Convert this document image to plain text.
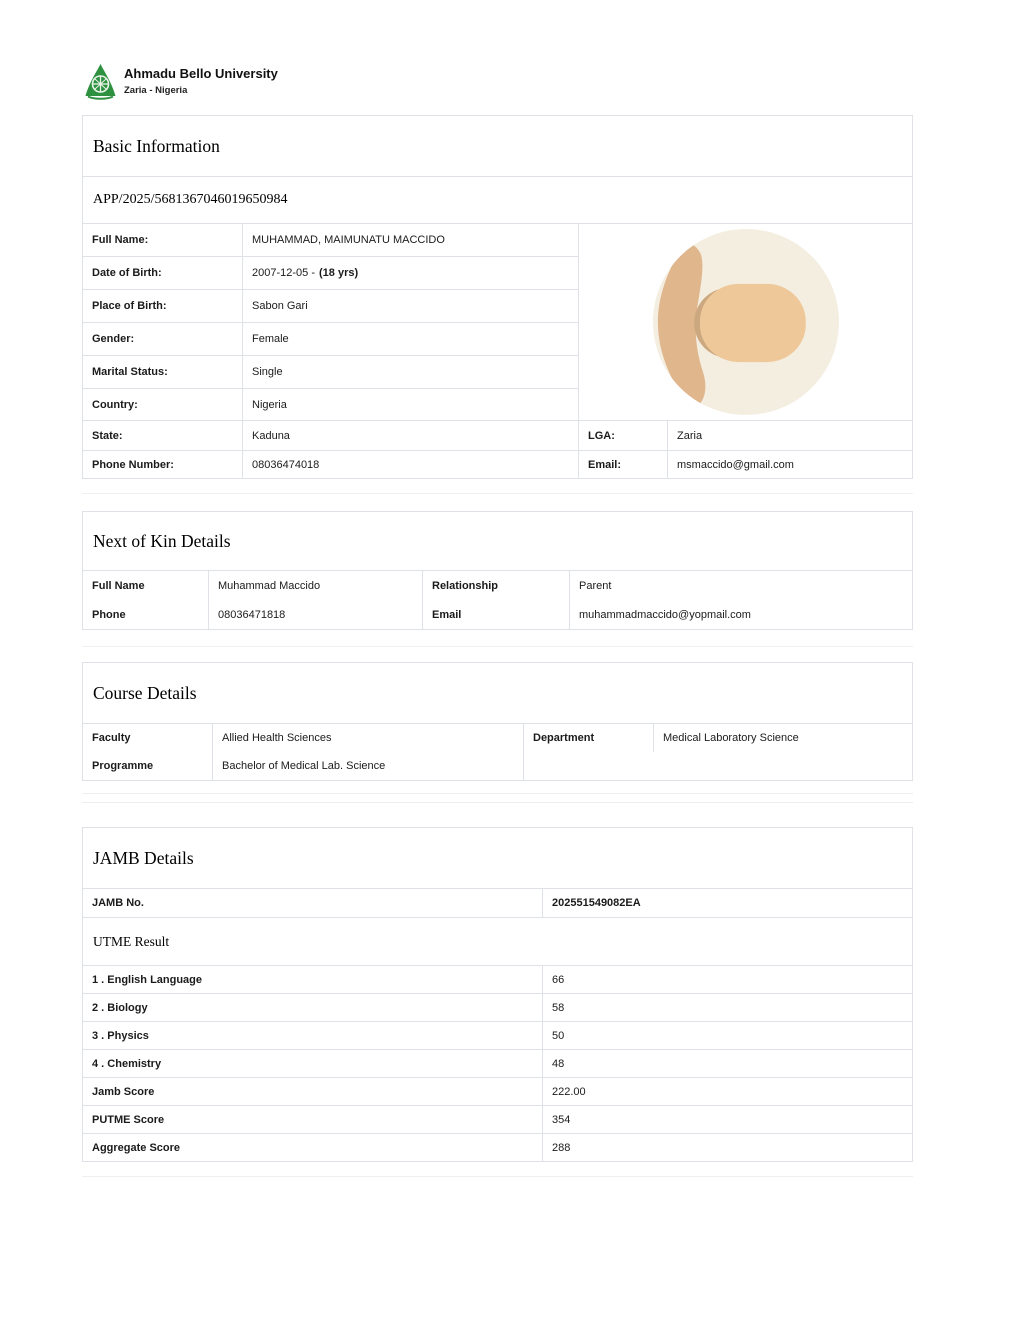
Ahmadu Bello University
Zaria - Nigeria
Basic Information
APP/2025/5681367046019650984
Full Name:	MUHAMMAD, MAIMUNATU MACCIDO
Date of Birth:	2007-12-05 - (18 yrs)
Place of Birth:	Sabon Gari
Gender:	Female
Marital Status:	Single
Country:	Nigeria
State:	Kaduna	LGA:	Zaria
Phone Number:	08036474018	Email:	msmaccido@gmail.com
Next of Kin Details
Full Name	Muhammad Maccido	Relationship	Parent
Phone	08036471818	Email	muhammadmaccido@yopmail.com
Course Details
Faculty	Allied Health Sciences	Department	Medical Laboratory Science
Programme	Bachelor of Medical Lab. Science
JAMB Details
JAMB No.	202551549082EA
UTME Result
1 . English Language	66
2 . Biology	58
3 . Physics	50
4 . Chemistry	48
Jamb Score	222.00
PUTME Score	354
Aggregate Score	288
